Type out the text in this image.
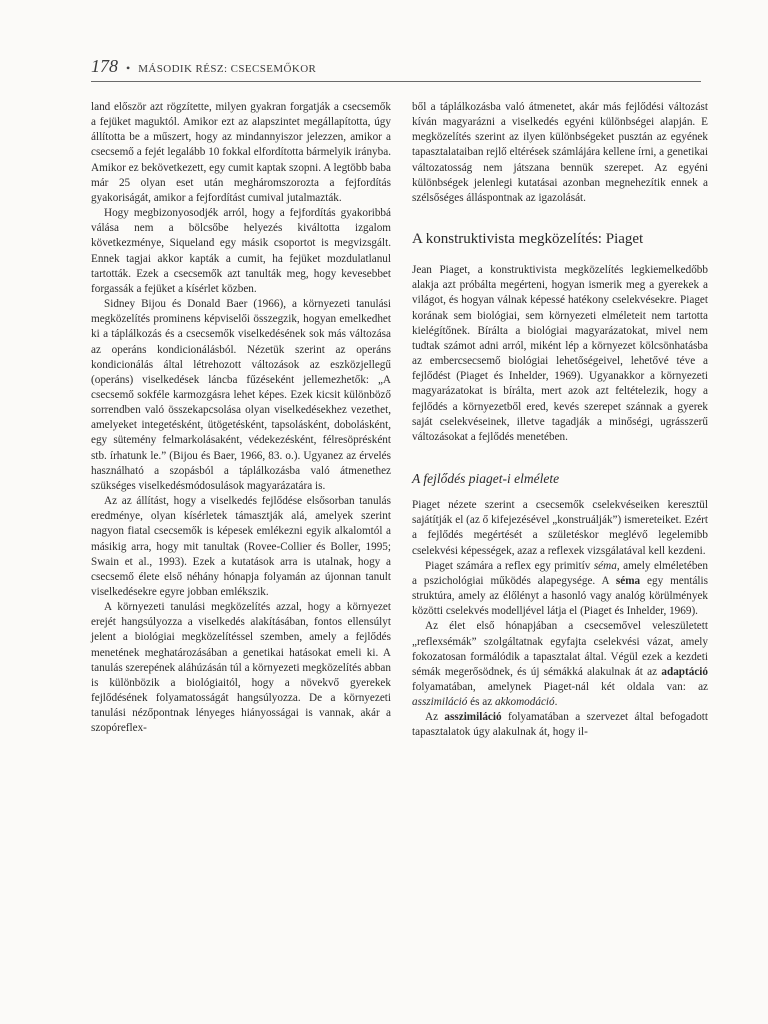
178 • MÁSODIK RÉSZ: CSECSEMŐKOR

land először azt rögzítette, milyen gyakran forgatják a csecsemők a fejüket maguktól. Amikor ezt az alapszintet megállapította, úgy állította be a műszert, hogy az mindannyiszor jelezzen, amikor a csecsemő a fejét legalább 10 fokkal elfordította bármelyik irányba. Amikor ez bekövetkezett, egy cumit kaptak szopni. A legtöbb baba már 25 olyan eset után megháromszorozta a fejfordítás gyakoriságát, amikor a fejfordítást cumival jutalmazták.

Hogy megbizonyosodjék arról, hogy a fejfordítás gyakoribbá válása nem a bölcsőbe helyezés kiváltotta izgalom következménye, Siqueland egy másik csoportot is megvizsgált. Ennek tagjai akkor kapták a cumit, ha fejüket mozdulatlanul tartották. Ezek a csecsemők azt tanulták meg, hogy kevesebbet forgassák a fejüket a kísérlet közben.

Sidney Bijou és Donald Baer (1966), a környezeti tanulási megközelítés prominens képviselői összegzik, hogyan emelkedhet ki a táplálkozás és a csecsemők viselkedésének sok más változása az operáns kondicionálásból. Nézetük szerint az operáns kondicionálás által létrehozott változások az eszközjellegű (operáns) viselkedések láncba fűzéseként jellemezhetők: „A csecsemő sokféle karmozgásra lehet képes. Ezek kicsit különböző sorrendben való összekapcsolása olyan viselkedésekhez vezethet, amelyeket integetésként, ütögetésként, tapsolásként, dobolásként, egy sütemény felmarkolásaként, védekezésként, félresöprésként stb. írhatunk le.” (Bijou és Baer, 1966, 83. o.). Ugyanez az érvelés használható a szopásból a táplálkozásba való átmenethez szükséges viselkedésmódosulások magyarázatára is.

Az az állítást, hogy a viselkedés fejlődése elsősorban tanulás eredménye, olyan kísérletek támasztják alá, amelyek szerint nagyon fiatal csecsemők is képesek emlékezni egyik alkalomtól a másikig arra, hogy mit tanultak (Rovee-Collier és Boller, 1995; Swain et al., 1993). Ezek a kutatások arra is utalnak, hogy a csecsemő élete első néhány hónapja folyamán az újonnan tanult viselkedésekre egyre jobban emlékszik.

A környezeti tanulási megközelítés azzal, hogy a környezet erejét hangsúlyozza a viselkedés alakításában, fontos ellensúlyt jelent a biológiai megközelítéssel szemben, amely a fejlődés menetének meghatározásában a genetikai hatásokat emeli ki. A tanulás szerepének aláhúzásán túl a környezeti megközelítés abban is különbözik a biológiaitól, hogy a növekvő gyerekek fejlődésének folyamatosságát hangsúlyozza. De a környezeti tanulási nézőpontnak lényeges hiányosságai is vannak, akár a szopóreflex-

ből a táplálkozásba való átmenetet, akár más fejlődési változást kíván magyarázni a viselkedés egyéni különbségei alapján. E megközelítés szerint az ilyen különbségeket pusztán az egyének tapasztalataiban rejlő eltérések számlájára kellene írni, a genetikai változatosság nem játszana bennük szerepet. Az egyéni különbségek jelenlegi kutatásai azonban megnehezítik ennek a szélsőséges álláspontnak az igazolását.

A konstruktivista megközelítés: Piaget

Jean Piaget, a konstruktivista megközelítés legkiemelkedőbb alakja azt próbálta megérteni, hogyan ismerik meg a gyerekek a világot, és hogyan válnak képessé hatékony cselekvésekre. Piaget korának sem biológiai, sem környezeti elméleteit nem tartotta kielégítőnek. Bírálta a biológiai magyarázatokat, mivel nem tudtak számot adni arról, miként lép a környezet kölcsönhatásba az embercsecsemő biológiai lehetőségeivel, lehetővé téve a fejlődést (Piaget és Inhelder, 1969). Ugyanakkor a környezeti magyarázatokat is bírálta, mert azok azt feltételezik, hogy a fejlődés a környezetből ered, kevés szerepet szánnak a gyerek saját cselekvéseinek, illetve tagadják a minőségi, ugrásszerű változásokat a fejlődés menetében.

A fejlődés piaget-i elmélete

Piaget nézete szerint a csecsemők cselekvéseiken keresztül sajátítják el (az ő kifejezésével „konstruálják”) ismereteiket. Ezért a fejlődés megértését a születéskor meglévő legelemibb cselekvési képességek, azaz a reflexek vizsgálatával kell kezdeni.

Piaget számára a reflex egy primitív séma, amely elméletében a pszichológiai működés alapegysége. A séma egy mentális struktúra, amely az élőlényt a hasonló vagy analóg körülmények közötti cselekvés modelljével látja el (Piaget és Inhelder, 1969).

Az élet első hónapjában a csecsemővel veleszületett „reflexsémák” szolgáltatnak egyfajta cselekvési vázat, amely fokozatosan formálódik a tapasztalat által. Végül ezek a kezdeti sémák megerősödnek, és új sémákká alakulnak át az adaptáció folyamatában, amelynek Piaget-nál két oldala van: az asszimiláció és az akkomodáció.

Az asszimiláció folyamatában a szervezet által befogadott tapasztalatok úgy alakulnak át, hogy il-
